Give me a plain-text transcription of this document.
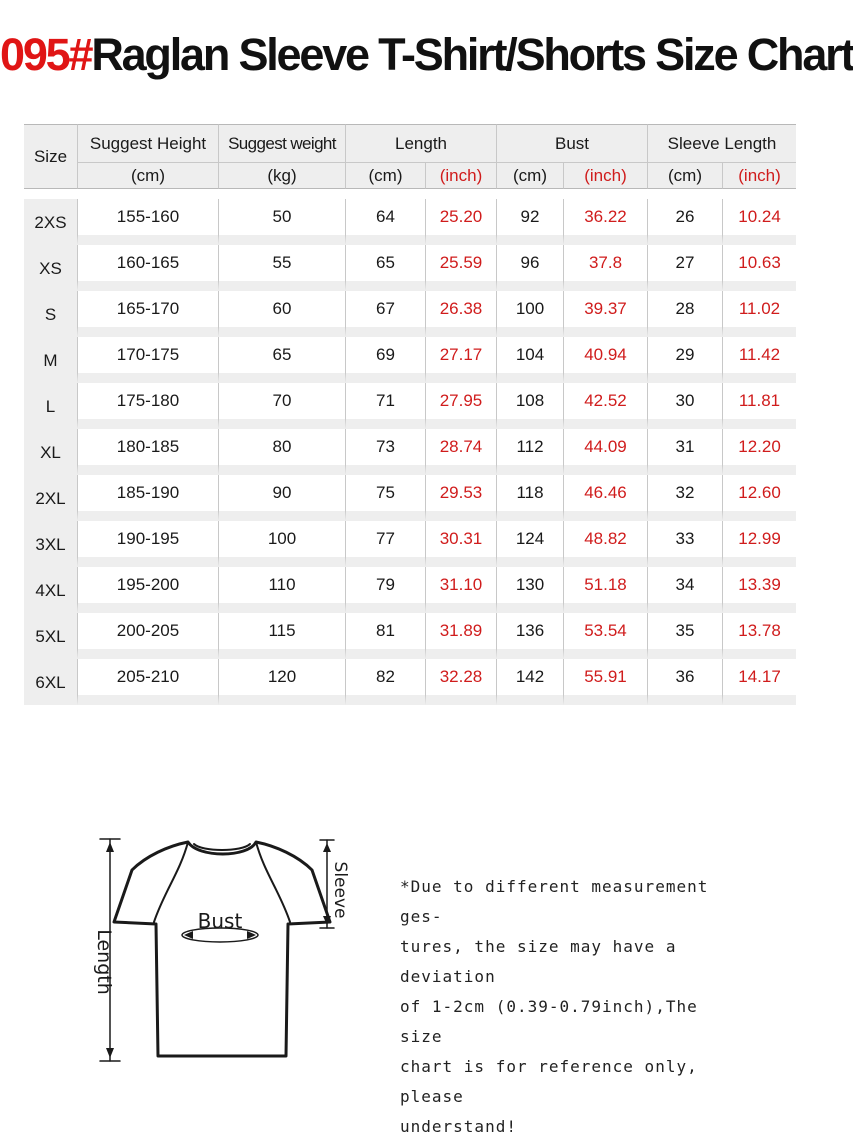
095#Raglan Sleeve T-Shirt/Shorts Size Chart
Size	Suggest Height	Suggest weight	Length		Bust		Sleeve Length	
	(cm)	(kg)	(cm)	(inch)	(cm)	(inch)	(cm)	(inch)

2XS	155-160	50	64	25.20	92	36.22	26	10.24
XS	160-165	55	65	25.59	96	37.8	27	10.63
S	165-170	60	67	26.38	100	39.37	28	11.02
M	170-175	65	69	27.17	104	40.94	29	11.42
L	175-180	70	71	27.95	108	42.52	30	11.81
XL	180-185	80	73	28.74	112	44.09	31	12.20
2XL	185-190	90	75	29.53	118	46.46	32	12.60
3XL	190-195	100	77	30.31	124	48.82	33	12.99
4XL	195-200	110	79	31.10	130	51.18	34	13.39
5XL	200-205	115	81	31.89	136	53.54	35	13.78
6XL	205-210	120	82	32.28	142	55.91	36	14.17
Bust
Length
Sleeve	*Due to different measurement ges-
tures, the size may have a deviation
of 1-2cm (0.39-0.79inch),The size
chart is for reference only, please
understand!
